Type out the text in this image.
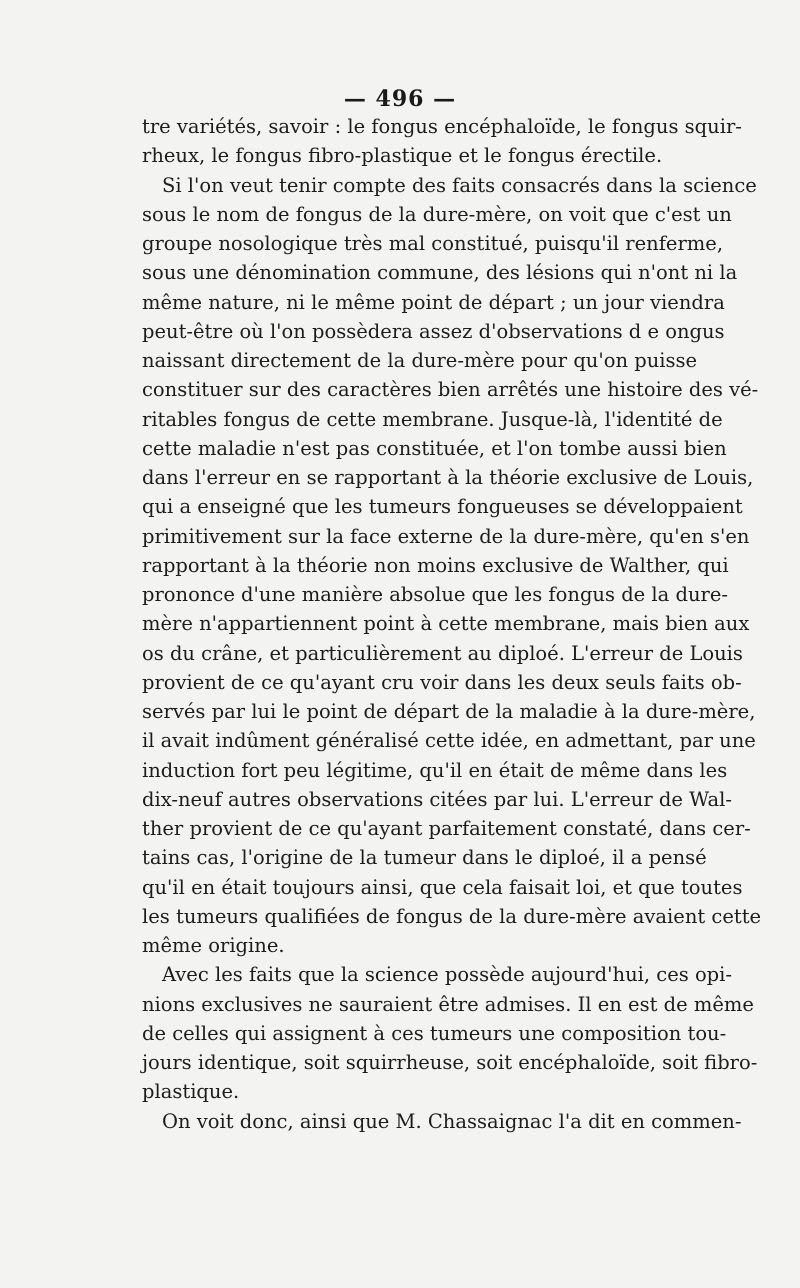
— 496 —
tre variétés, savoir : le fongus encéphaloïde, le fongus squir-
rheux, le fongus fibro-plastique et le fongus érectile.
Si l'on veut tenir compte des faits consacrés dans la science
sous le nom de fongus de la dure-mère, on voit que c'est un
groupe nosologique très mal constitué, puisqu'il renferme,
sous une dénomination commune, des lésions qui n'ont ni la
même nature, ni le même point de départ ; un jour viendra
peut-être où l'on possèdera assez d'observations d e ongus
naissant directement de la dure-mère pour qu'on puisse
constituer sur des caractères bien arrêtés une histoire des vé-
ritables fongus de cette membrane. Jusque-là, l'identité de
cette maladie n'est pas constituée, et l'on tombe aussi bien
dans l'erreur en se rapportant à la théorie exclusive de Louis,
qui a enseigné que les tumeurs fongueuses se développaient
primitivement sur la face externe de la dure-mère, qu'en s'en
rapportant à la théorie non moins exclusive de Walther, qui
prononce d'une manière absolue que les fongus de la dure-
mère n'appartiennent point à cette membrane, mais bien aux
os du crâne, et particulièrement au diploé. L'erreur de Louis
provient de ce qu'ayant cru voir dans les deux seuls faits ob-
servés par lui le point de départ de la maladie à la dure-mère,
il avait indûment généralisé cette idée, en admettant, par une
induction fort peu légitime, qu'il en était de même dans les
dix-neuf autres observations citées par lui. L'erreur de Wal-
ther provient de ce qu'ayant parfaitement constaté, dans cer-
tains cas, l'origine de la tumeur dans le diploé, il a pensé
qu'il en était toujours ainsi, que cela faisait loi, et que toutes
les tumeurs qualifiées de fongus de la dure-mère avaient cette
même origine.
Avec les faits que la science possède aujourd'hui, ces opi-
nions exclusives ne sauraient être admises. Il en est de même
de celles qui assignent à ces tumeurs une composition tou-
jours identique, soit squirrheuse, soit encéphaloïde, soit fibro-
plastique.
On voit donc, ainsi que M. Chassaignac l'a dit en commen-
